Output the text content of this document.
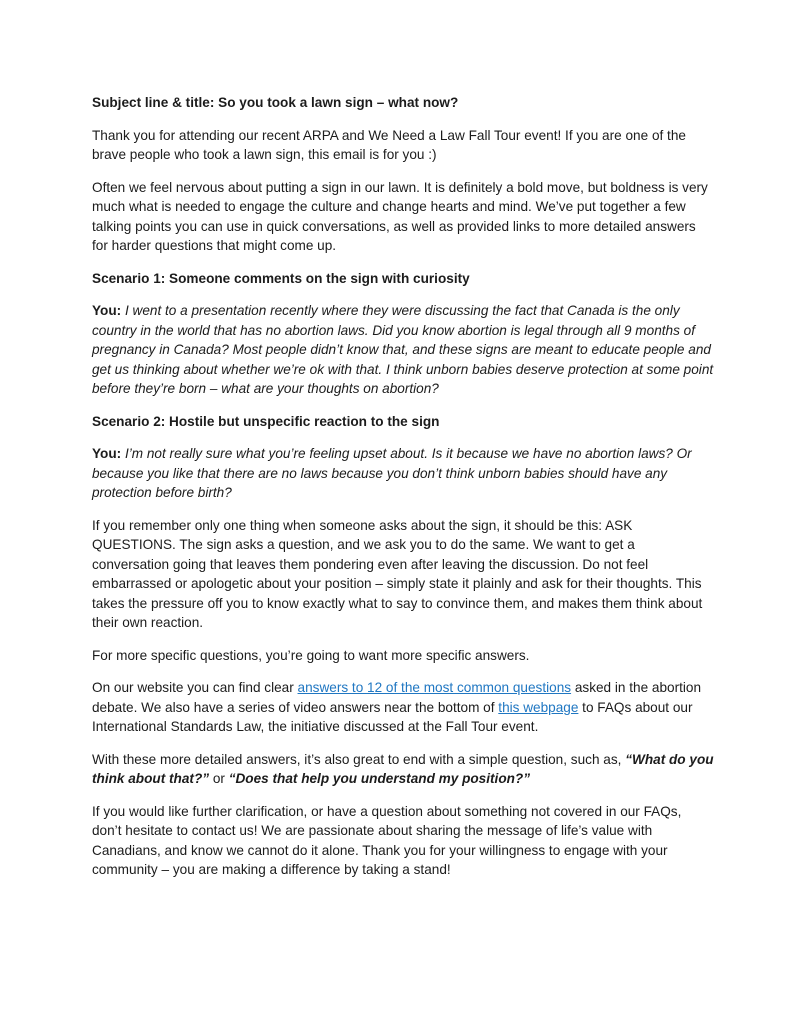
Subject line & title: So you took a lawn sign – what now?

Thank you for attending our recent ARPA and We Need a Law Fall Tour event! If you are one of the brave people who took a lawn sign, this email is for you :)

Often we feel nervous about putting a sign in our lawn. It is definitely a bold move, but boldness is very much what is needed to engage the culture and change hearts and mind. We’ve put together a few talking points you can use in quick conversations, as well as provided links to more detailed answers for harder questions that might come up.

Scenario 1: Someone comments on the sign with curiosity

You: I went to a presentation recently where they were discussing the fact that Canada is the only country in the world that has no abortion laws. Did you know abortion is legal through all 9 months of pregnancy in Canada? Most people didn’t know that, and these signs are meant to educate people and get us thinking about whether we’re ok with that. I think unborn babies deserve protection at some point before they’re born – what are your thoughts on abortion?

Scenario 2: Hostile but unspecific reaction to the sign

You: I’m not really sure what you’re feeling upset about. Is it because we have no abortion laws? Or because you like that there are no laws because you don’t think unborn babies should have any protection before birth?

If you remember only one thing when someone asks about the sign, it should be this: ASK QUESTIONS. The sign asks a question, and we ask you to do the same. We want to get a conversation going that leaves them pondering even after leaving the discussion. Do not feel embarrassed or apologetic about your position – simply state it plainly and ask for their thoughts. This takes the pressure off you to know exactly what to say to convince them, and makes them think about their own reaction.

For more specific questions, you’re going to want more specific answers.

On our website you can find clear answers to 12 of the most common questions asked in the abortion debate. We also have a series of video answers near the bottom of this webpage to FAQs about our International Standards Law, the initiative discussed at the Fall Tour event.

With these more detailed answers, it’s also great to end with a simple question, such as, “What do you think about that?” or “Does that help you understand my position?”

If you would like further clarification, or have a question about something not covered in our FAQs, don’t hesitate to contact us! We are passionate about sharing the message of life’s value with Canadians, and know we cannot do it alone. Thank you for your willingness to engage with your community – you are making a difference by taking a stand!
